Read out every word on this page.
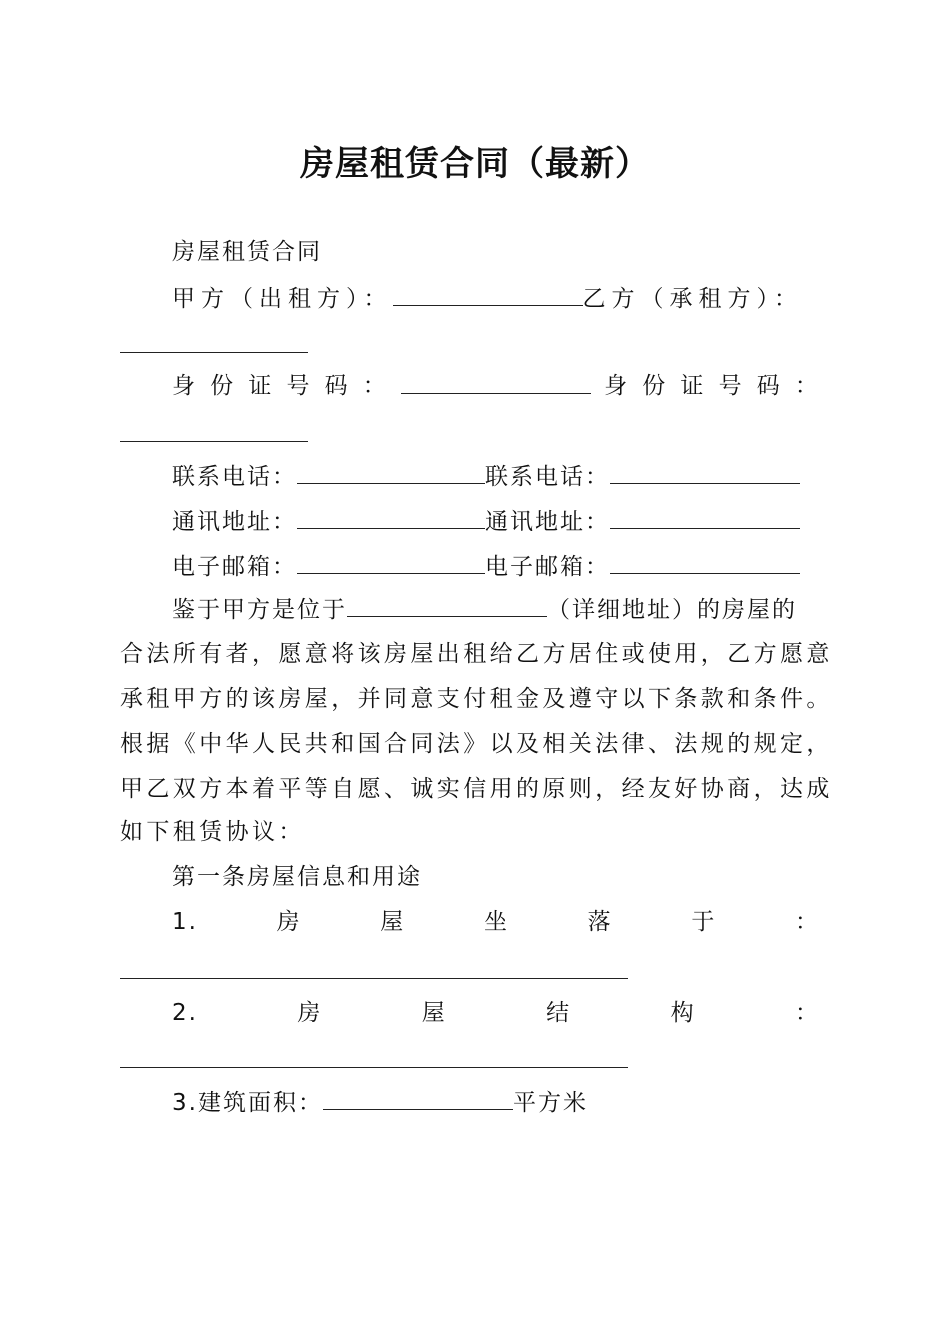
房屋租赁合同（最新）
房屋租赁合同
甲方（出租方）：	乙方（承租方）：
身 份 证 号 码 ：	身 份 证 号 码 ：
联系电话：	联系电话：
通讯地址：	通讯地址：
电子邮箱：	电子邮箱：
鉴于甲方是位于	（详细地址）的房屋的
合法所有者，愿意将该房屋出租给乙方居住或使用，乙方愿意
承租甲方的该房屋，并同意支付租金及遵守以下条款和条件。
根据《中华人民共和国合同法》以及相关法律、法规的规定，
甲乙双方本着平等自愿、诚实信用的原则，经友好协商，达成
如下租赁协议：
第一条房屋信息和用途
1.	房	屋	坐	落	于	：
2.	房	屋	结	构	：
3.建筑面积：	平方米
